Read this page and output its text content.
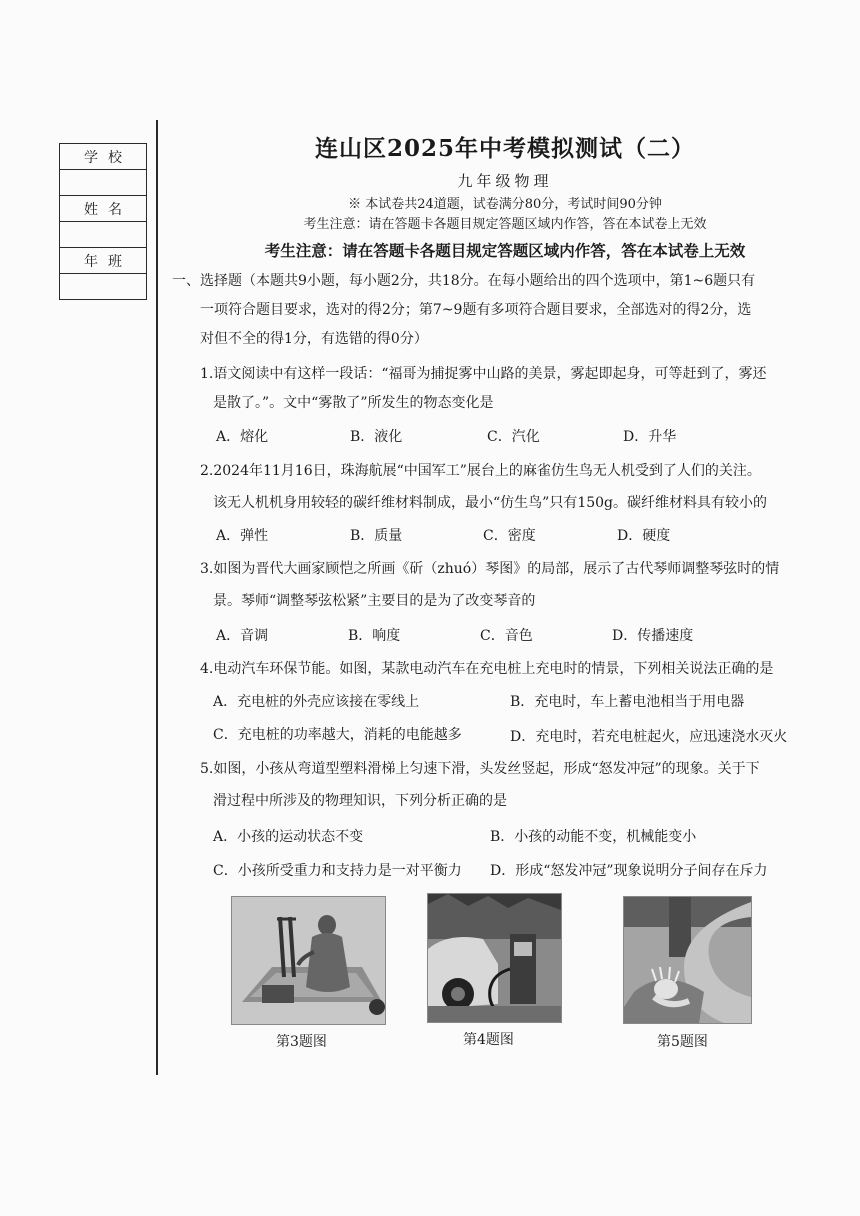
学校

姓名

年班

连山区2025年中考模拟测试（二）
九年级物理
※ 本试卷共24道题，试卷满分80分，考试时间90分钟
考生注意：请在答题卡各题目规定答题区域内作答，答在本试卷上无效
考生注意：请在答题卡各题目规定答题区域内作答，答在本试卷上无效
一、选择题（本题共9小题，每小题2分，共18分。在每小题给出的四个选项中，第1~6题只有
一项符合题目要求，选对的得2分；第7~9题有多项符合题目要求，全部选对的得2分，选
对但不全的得1分，有选错的得0分）
1.语文阅读中有这样一段话：“福哥为捕捉雾中山路的美景，雾起即起身，可等赶到了，雾还
是散了。”。文中“雾散了”所发生的物态变化是
A．熔化	B．液化	C．汽化	D．升华
2.2024年11月16日，珠海航展“中国军工”展台上的麻雀仿生鸟无人机受到了人们的关注。
该无人机机身用较轻的碳纤维材料制成，最小“仿生鸟”只有150g。碳纤维材料具有较小的
A．弹性	B．质量	C．密度	D．硬度
3.如图为晋代大画家顾恺之所画《斫（zhuó）琴图》的局部，展示了古代琴师调整琴弦时的情
景。琴师“调整琴弦松紧”主要目的是为了改变琴音的
A．音调	B．响度	C．音色	D．传播速度
4.电动汽车环保节能。如图，某款电动汽车在充电桩上充电时的情景，下列相关说法正确的是
A．充电桩的外壳应该接在零线上	B．充电时，车上蓄电池相当于用电器
C．充电桩的功率越大，消耗的电能越多	D．充电时，若充电桩起火，应迅速浇水灭火
5.如图，小孩从弯道型塑料滑梯上匀速下滑，头发丝竖起，形成“怒发冲冠”的现象。关于下
滑过程中所涉及的物理知识，下列分析正确的是
A．小孩的运动状态不变	B．小孩的动能不变，机械能变小
C．小孩所受重力和支持力是一对平衡力 D．形成“怒发冲冠”现象说明分子间存在斥力
第3题图	第4题图	第5题图
